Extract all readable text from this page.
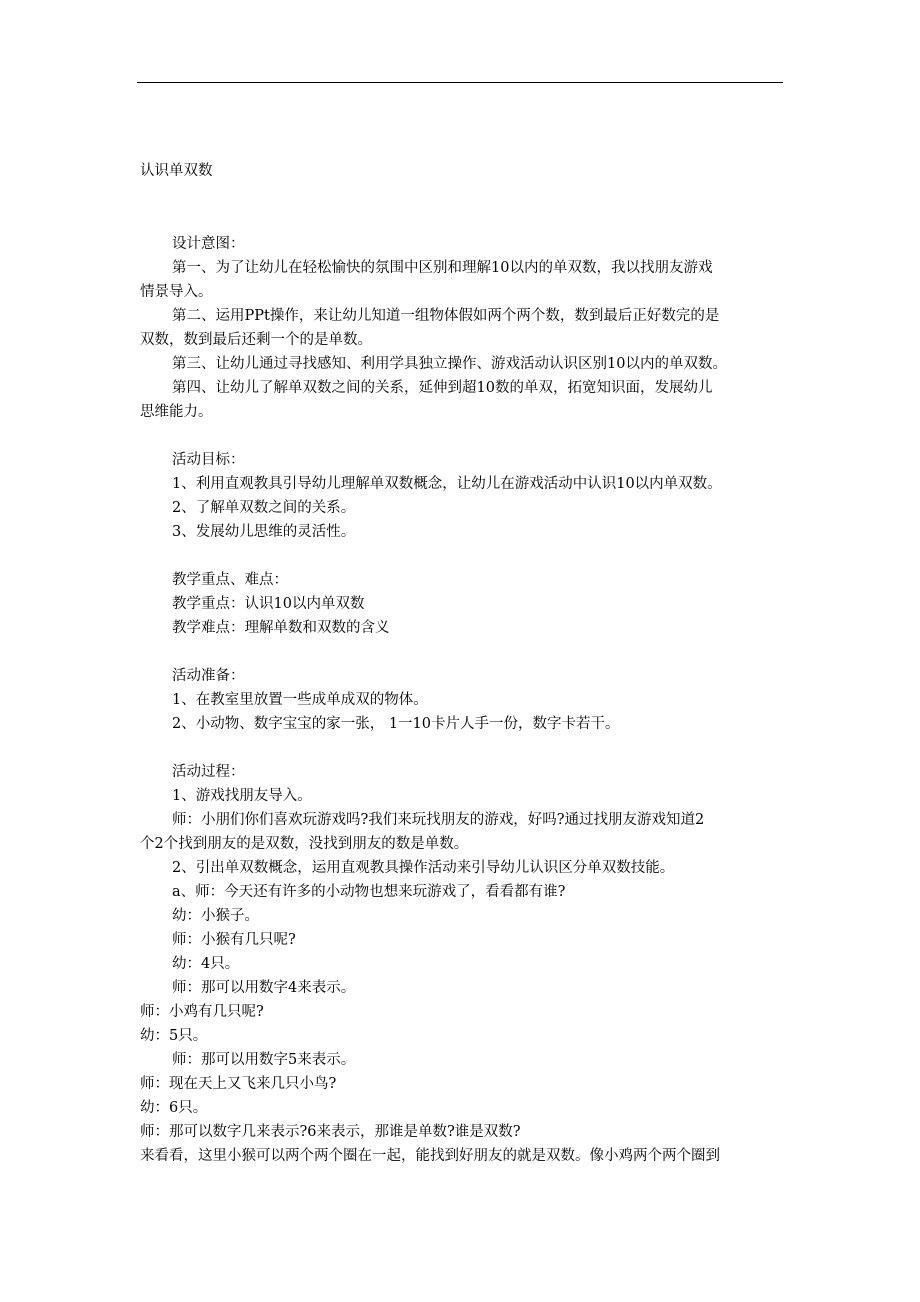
认识单双数
设计意图：
第一、为了让幼儿在轻松愉快的氛围中区别和理解10以内的单双数，我以找朋友游戏
情景导入。
第二、运用PPt操作，来让幼儿知道一组物体假如两个两个数，数到最后正好数完的是
双数，数到最后还剩一个的是单数。
第三、让幼儿通过寻找感知、利用学具独立操作、游戏活动认识区别10以内的单双数。
第四、让幼儿了解单双数之间的关系，延伸到超10数的单双，拓宽知识面，发展幼儿
思维能力。
活动目标：
1、利用直观教具引导幼儿理解单双数概念，让幼儿在游戏活动中认识10以内单双数。
2、了解单双数之间的关系。
3、发展幼儿思维的灵活性。
教学重点、难点：
教学重点：认识10以内单双数
教学难点：理解单数和双数的含义
活动准备：
1、在教室里放置一些成单成双的物体。
2、小动物、数字宝宝的家一张， 1一10卡片人手一份，数字卡若干。
活动过程：
1、游戏找朋友导入。
师：小朋们你们喜欢玩游戏吗?我们来玩找朋友的游戏，好吗?通过找朋友游戏知道2
个2个找到朋友的是双数，没找到朋友的数是单数。
2、引出单双数概念，运用直观教具操作活动来引导幼儿认识区分单双数技能。
a、师：今天还有许多的小动物也想来玩游戏了，看看都有谁?
幼：小猴子。
师：小猴有几只呢?
幼：4只。
师：那可以用数字4来表示。
师：小鸡有几只呢?
幼：5只。
师：那可以用数字5来表示。
师：现在天上又飞来几只小鸟?
幼：6只。
师：那可以数字几来表示?6来表示，那谁是单数?谁是双数?
来看看，这里小猴可以两个两个圈在一起，能找到好朋友的就是双数。像小鸡两个两个圈到
